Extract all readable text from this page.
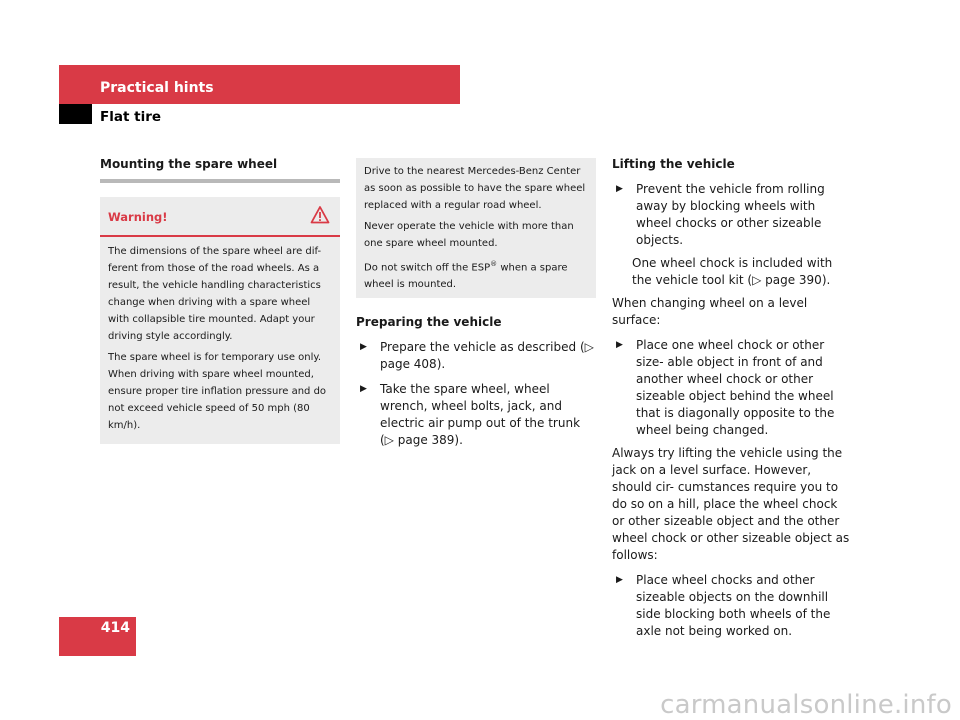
Practical hints
Flat tire
Mounting the spare wheel
Warning!

The dimensions of the spare wheel are dif- ferent from those of the road wheels. As a result, the vehicle handling characteristics change when driving with a spare wheel with collapsible tire mounted. Adapt your driving style accordingly.

The spare wheel is for temporary use only. When driving with spare wheel mounted, ensure proper tire inflation pressure and do not exceed vehicle speed of 50 mph (80 km/h).

Drive to the nearest Mercedes-Benz Center as soon as possible to have the spare wheel replaced with a regular road wheel.

Never operate the vehicle with more than one spare wheel mounted.

Do not switch off the ESP® when a spare wheel is mounted.

Preparing the vehicle
▶	Prepare the vehicle as described (▷ page 408).
▶	Take the spare wheel, wheel wrench, wheel bolts, jack, and electric air pump out of the trunk (▷ page 389).
Lifting the vehicle
▶	Prevent the vehicle from rolling away by blocking wheels with wheel chocks or other sizeable objects.

One wheel chock is included with the vehicle tool kit (▷ page 390).

When changing wheel on a level surface:

▶	Place one wheel chock or other size- able object in front of and another wheel chock or other sizeable object behind the wheel that is diagonally opposite to the wheel being changed.

Always try lifting the vehicle using the jack on a level surface. However, should cir- cumstances require you to do so on a hill, place the wheel chock or other sizeable object and the other wheel chock or other sizeable object as follows:

▶	Place wheel chocks and other sizeable objects on the downhill side blocking both wheels of the axle not being worked on.
414
carmanualsonline.info
